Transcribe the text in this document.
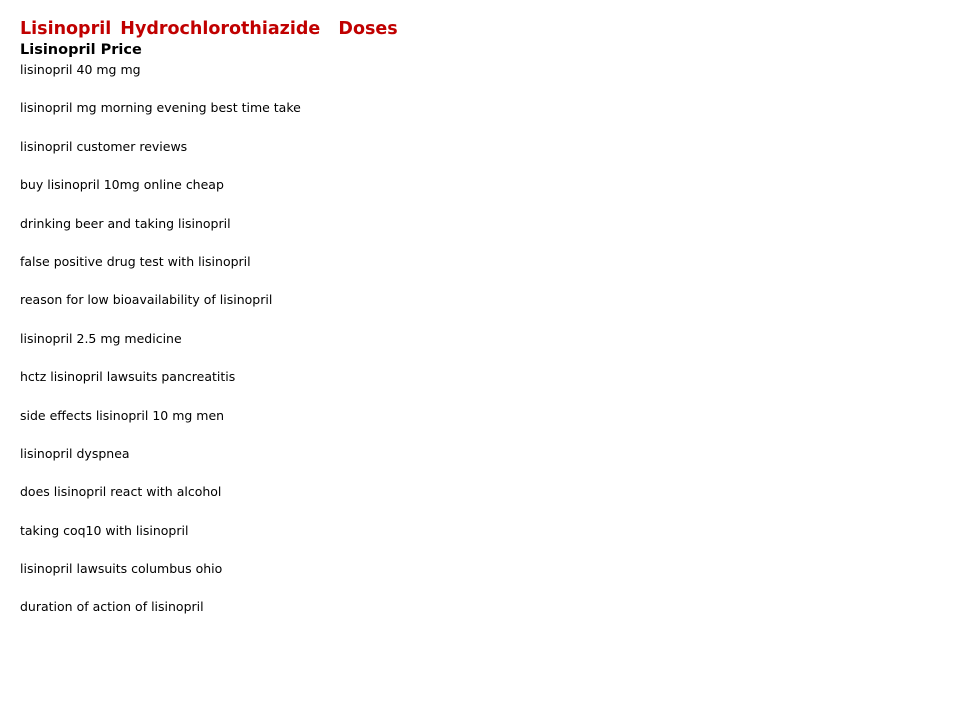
Lisinopril Hydrochlorothiazide  Doses
Lisinopril Price
lisinopril 40 mg mg
lisinopril mg morning evening best time take
lisinopril customer reviews
buy lisinopril 10mg online cheap
drinking beer and taking lisinopril
false positive drug test with lisinopril
reason for low bioavailability of lisinopril
lisinopril 2.5 mg medicine
hctz lisinopril lawsuits pancreatitis
side effects lisinopril 10 mg men
lisinopril dyspnea
does lisinopril react with alcohol
taking coq10 with lisinopril
lisinopril lawsuits columbus ohio
duration of action of lisinopril
